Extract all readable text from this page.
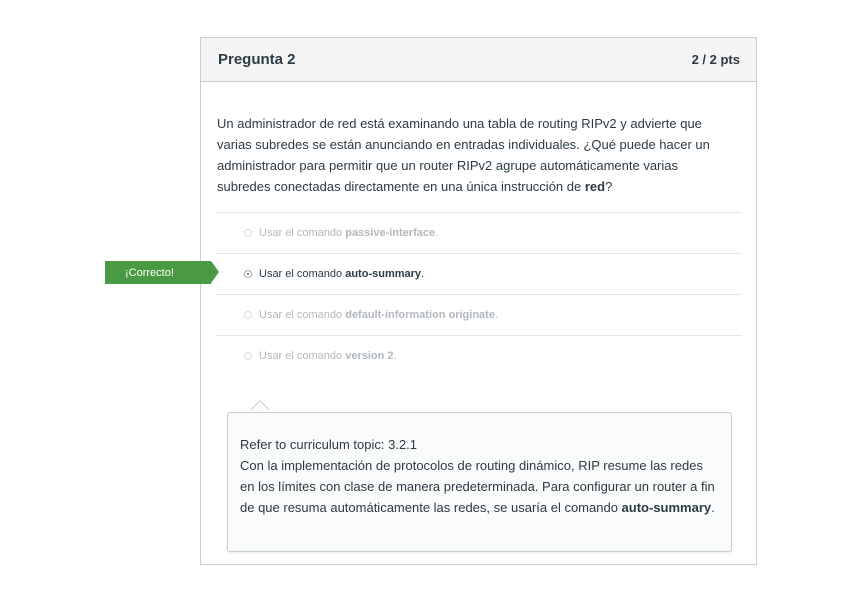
Pregunta 2	2 / 2 pts
Un administrador de red está examinando una tabla de routing RIPv2 y advierte que varias subredes se están anunciando en entradas individuales. ¿Qué puede hacer un administrador para permitir que un router RIPv2 agrupe automáticamente varias subredes conectadas directamente en una única instrucción de red?
Usar el comando passive-interface.
Usar el comando auto-summary.
Usar el comando default-information originate.
Usar el comando version 2.
¡Correcto!
Refer to curriculum topic: 3.2.1
Con la implementación de protocolos de routing dinámico, RIP resume las redes en los límites con clase de manera predeterminada. Para configurar un router a fin de que resuma automáticamente las redes, se usaría el comando auto-summary.
